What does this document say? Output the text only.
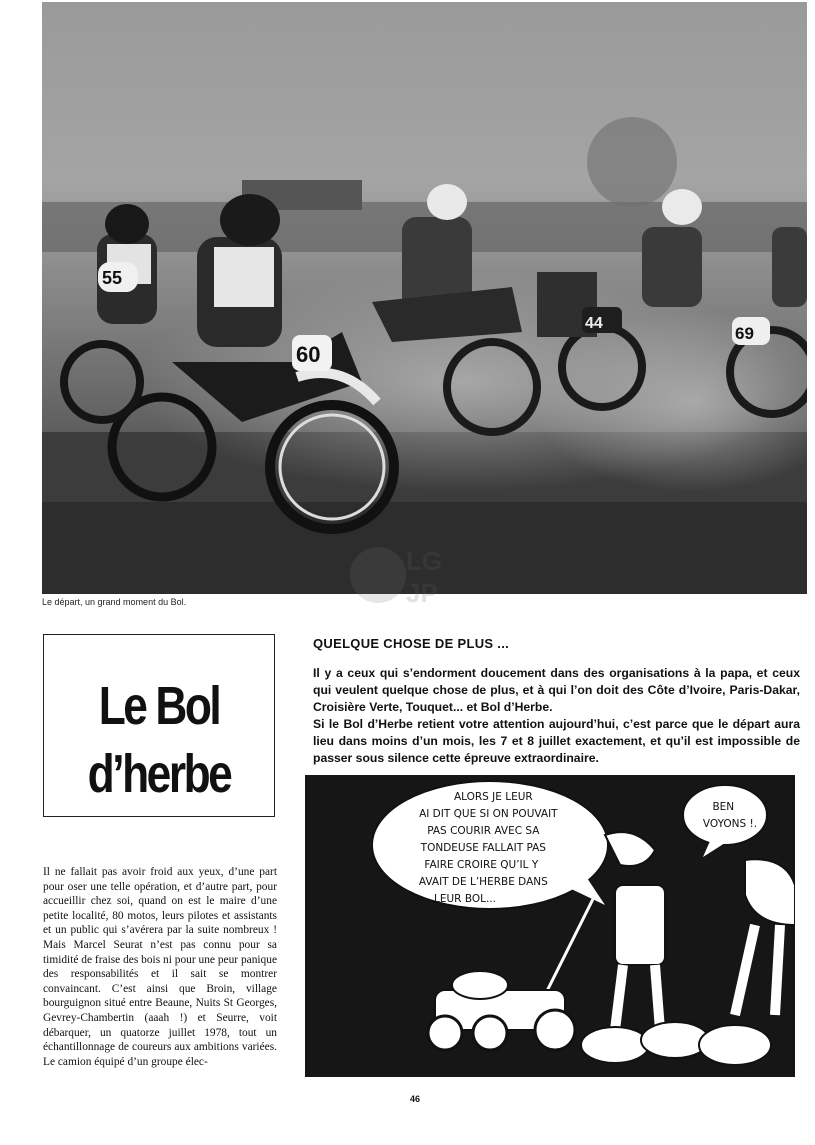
60
55
44
69
Le départ, un grand moment du Bol.
LG
JP
Le Bol
d’herbe
QUELQUE CHOSE DE PLUS ...

Il y a ceux qui s’endorment doucement dans des organisations à la papa, et ceux qui veulent quelque chose de plus, et à qui l’on doit des Côte d’Ivoire, Paris-Dakar, Croisière Verte, Touquet... et Bol d’Herbe.

Si le Bol d’Herbe retient votre attention aujourd’hui, c’est parce que le départ aura lieu dans moins d’un mois, les 7 et 8 juillet exactement, et qu’il est impossible de passer sous silence cette épreuve extraordinaire.

Il ne fallait pas avoir froid aux yeux, d’une part pour oser une telle opération, et d’autre part, pour accueillir chez soi, quand on est le maire d’une petite localité, 80 motos, leurs pilotes et assistants et un public qui s’avérera par la suite nombreux ! Mais Marcel Seurat n’est pas connu pour sa timidité de fraise des bois ni pour une peur panique des responsabilités et il sait se montrer convaincant. C’est ainsi que Broin, village bourguignon situé entre Beaune, Nuits St Georges, Gevrey-Chambertin (aaah !) et Seurre, voit débarquer, un quatorze juillet 1978, tout un échantillonnage de coureurs aux ambitions variées. Le camion équipé d’un groupe élec-
ALORS JE LEUR AI DIT QUE SI ON POUVAIT PAS COURIR AVEC SA TONDEUSE FALLAIT PAS FAIRE CROIRE QU’IL Y AVAIT DE L’HERBE DANS LEUR BOL...
BEN VOYONS !.
46
